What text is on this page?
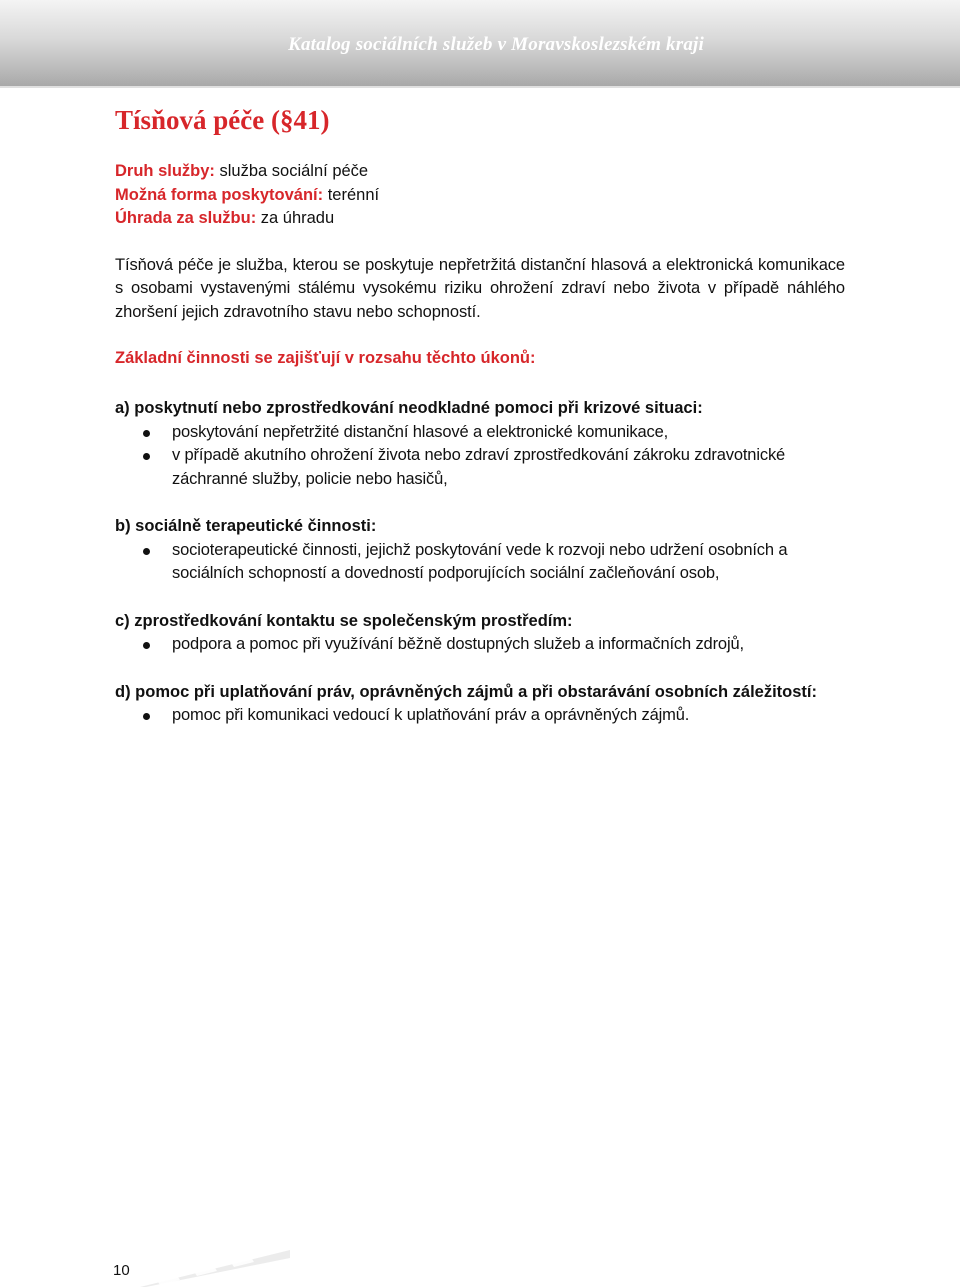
Katalog sociálních služeb v Moravskoslezském kraji
Tísňová péče (§41)
Druh služby: služba sociální péče
Možná forma poskytování: terénní
Úhrada za službu: za úhradu

Tísňová péče je služba, kterou se poskytuje nepřetržitá distanční hlasová a elektronická komunikace s osobami vystavenými stálému vysokému riziku ohrožení zdraví nebo života v případě náhlého zhoršení jejich zdravotního stavu nebo schopností.

Základní činnosti se zajišťují v rozsahu těchto úkonů:
a) poskytnutí nebo zprostředkování neodkladné pomoci při krizové situaci:
poskytování nepřetržité distanční hlasové a elektronické komunikace,
v případě akutního ohrožení života nebo zdraví zprostředkování zákroku zdravotnické záchranné služby, policie nebo hasičů,
b) sociálně terapeutické činnosti:
socioterapeutické činnosti, jejichž poskytování vede k rozvoji nebo udržení osobních a sociálních schopností a dovedností podporujících sociální začleňování osob,
c) zprostředkování kontaktu se společenským prostředím:
podpora a pomoc při využívání běžně dostupných služeb a informačních zdrojů,
d) pomoc při uplatňování práv, oprávněných zájmů a při obstarávání osobních záležitostí:
pomoc při komunikaci vedoucí k uplatňování práv a oprávněných zájmů.
10
